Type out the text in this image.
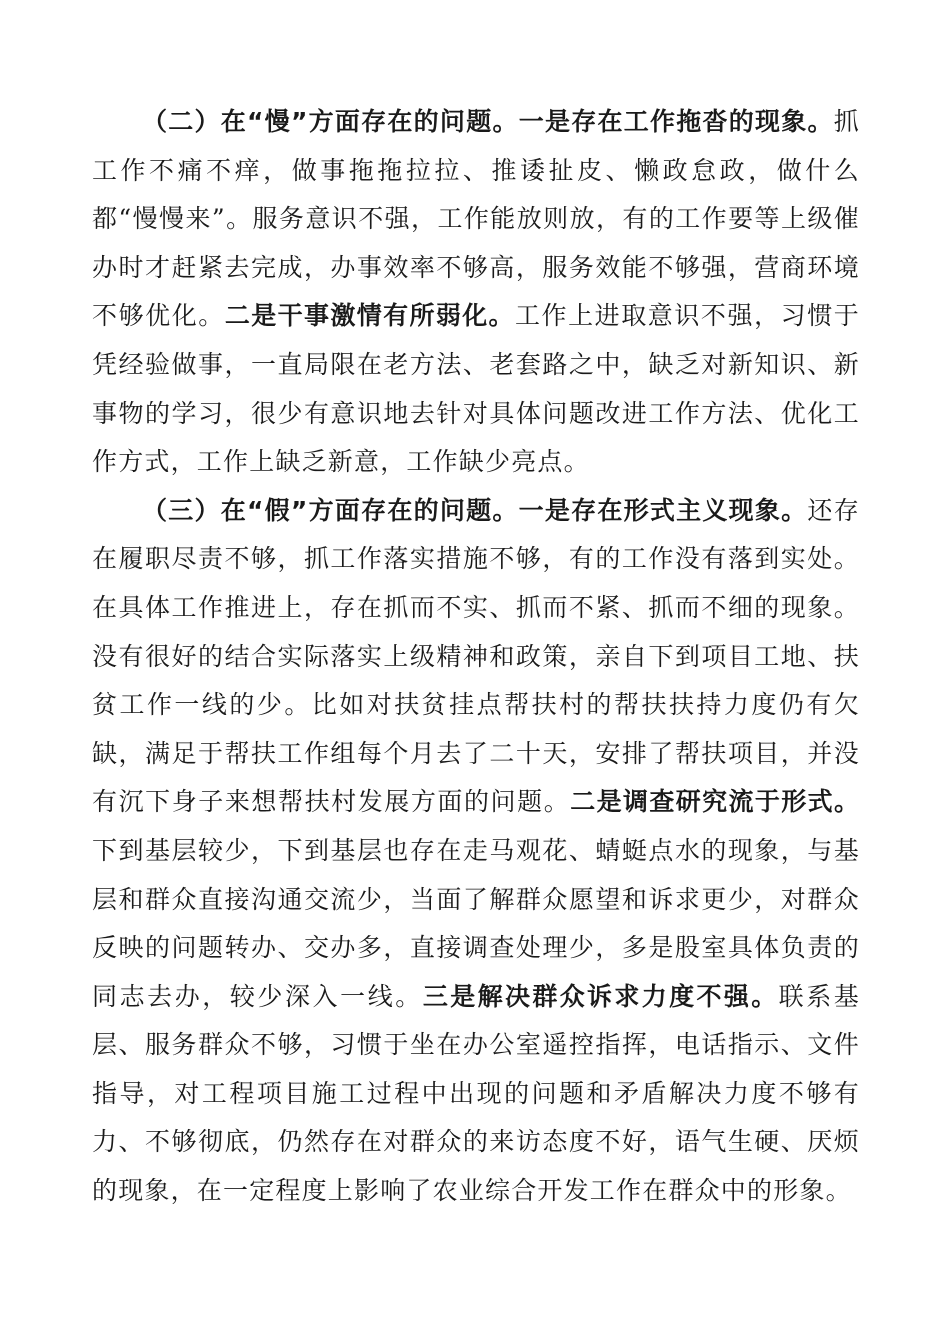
（二）在“慢”方面存在的问题。一是存在工作拖沓的现象。抓工作不痛不痒，做事拖拖拉拉、推诿扯皮、懒政怠政，做什么都“慢慢来”。服务意识不强，工作能放则放，有的工作要等上级催办时才赶紧去完成，办事效率不够高，服务效能不够强，营商环境不够优化。二是干事激情有所弱化。工作上进取意识不强，习惯于凭经验做事，一直局限在老方法、老套路之中，缺乏对新知识、新事物的学习，很少有意识地去针对具体问题改进工作方法、优化工作方式，工作上缺乏新意，工作缺少亮点。

（三）在“假”方面存在的问题。一是存在形式主义现象。还存在履职尽责不够，抓工作落实措施不够，有的工作没有落到实处。在具体工作推进上，存在抓而不实、抓而不紧、抓而不细的现象。没有很好的结合实际落实上级精神和政策，亲自下到项目工地、扶贫工作一线的少。比如对扶贫挂点帮扶村的帮扶扶持力度仍有欠缺，满足于帮扶工作组每个月去了二十天，安排了帮扶项目，并没有沉下身子来想帮扶村发展方面的问题。二是调查研究流于形式。下到基层较少，下到基层也存在走马观花、蜻蜓点水的现象，与基层和群众直接沟通交流少，当面了解群众愿望和诉求更少，对群众反映的问题转办、交办多，直接调查处理少，多是股室具体负责的同志去办，较少深入一线。三是解决群众诉求力度不强。联系基层、服务群众不够，习惯于坐在办公室遥控指挥，电话指示、文件指导，对工程项目施工过程中出现的问题和矛盾解决力度不够有力、不够彻底，仍然存在对群众的来访态度不好，语气生硬、厌烦的现象，在一定程度上影响了农业综合开发工作在群众中的形象。
